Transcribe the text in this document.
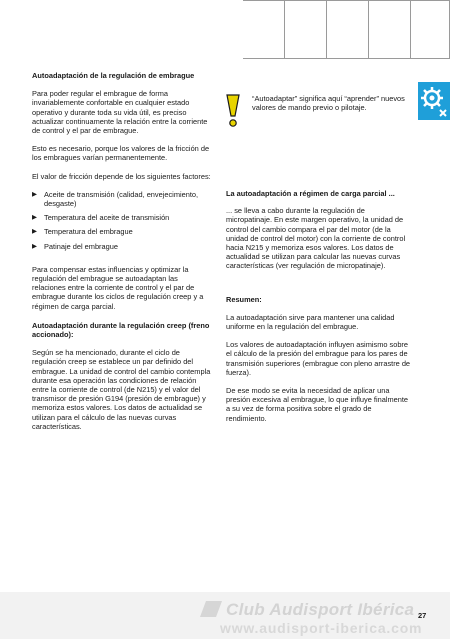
Autoadaptación de la regulación de embrague

Para poder regular el embrague de forma invariablemente confortable en cualquier estado operativo y durante toda su vida útil, es preciso actualizar continuamente la relación entre la corriente de control y el par de embrague.

Esto es necesario, porque los valores de la fricción de los embragues varían permanentemente.

El valor de fricción depende de los siguientes factores:

▶ Aceite de transmisión (calidad, envejecimiento, desgaste)
▶ Temperatura del aceite de transmisión
▶ Temperatura del embrague
▶ Patinaje del embrague

Para compensar estas influencias y optimizar la regulación del embrague se autoadaptan las relaciones entre la corriente de control y el par de embrague durante los ciclos de regulación creep y a régimen de carga parcial.

Autoadaptación durante la regulación creep (freno accionado):

Según se ha mencionado, durante el ciclo de regulación creep se establece un par definido del embrague. La unidad de control del cambio contempla durante esa operación las condiciones de relación entre la corriente de control (de N215) y el valor del transmisor de presión G194 (presión de embrague) y memoriza estos valores. Los datos de actualidad se utilizan para el cálculo de las nuevas curvas características.

“Autoadaptar” significa aquí “aprender” nuevos valores de mando previo o pilotaje.

La autoadaptación a régimen de carga parcial ...

... se lleva a cabo durante la regulación de micropatinaje. En este margen operativo, la unidad de control del cambio compara el par del motor (de la unidad de control del motor) con la corriente de control hacia N215 y memoriza esos valores. Los datos de actualidad se utilizan para calcular las nuevas curvas características (ver regulación de micropatinaje).

Resumen:

La autoadaptación sirve para mantener una calidad uniforme en la regulación del embrague.

Los valores de autoadaptación influyen asimismo sobre el cálculo de la presión del embrague para los pares de transmisión superiores (embrague con pleno arrastre de fuerza).

De ese modo se evita la necesidad de aplicar una presión excesiva al embrague, lo que influye finalmente a su vez de forma positiva sobre el grado de rendimiento.

Club Audisport Ibérica
www.audisport-iberica.com
27
